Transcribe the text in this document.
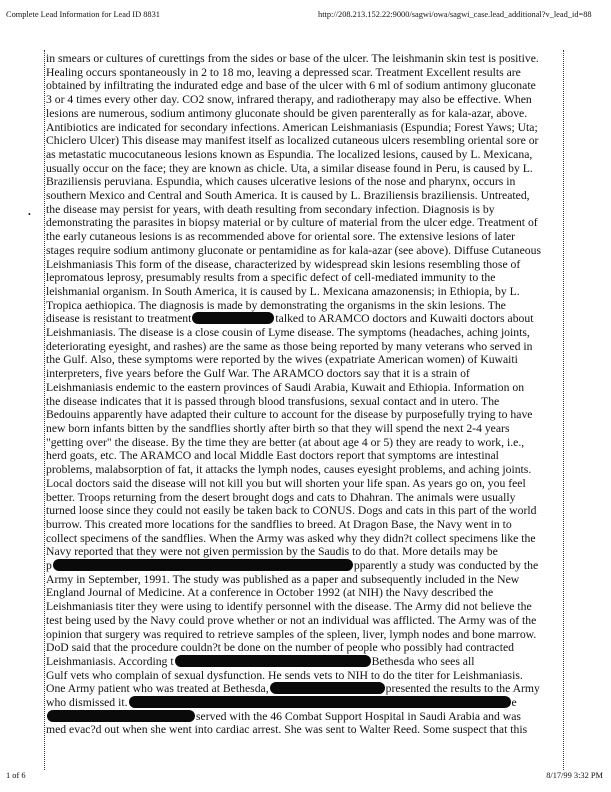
Complete Lead Information for Lead ID 8831	http://208.213.152.22:9000/sagwi/owa/sagwi_case.lead_additional?v_lead_id=88
•
in smears or cultures of curettings from the sides or base of the ulcer. The leishmanin skin test is positive.
Healing occurs spontaneously in 2 to 18 mo, leaving a depressed scar. Treatment Excellent results are
obtained by infiltrating the indurated edge and base of the ulcer with 6 ml of sodium antimony gluconate
3 or 4 times every other day. CO2 snow, infrared therapy, and radiotherapy may also be effective. When
lesions are numerous, sodium antimony gluconate should be given parenterally as for kala-azar, above.
Antibiotics are indicated for secondary infections. American Leishmaniasis (Espundia; Forest Yaws; Uta;
Chiclero Ulcer) This disease may manifest itself as localized cutaneous ulcers resembling oriental sore or
as metastatic mucocutaneous lesions known as Espundia. The localized lesions, caused by L. Mexicana,
usually occur on the face; they are known as chicle. Uta, a similar disease found in Peru, is caused by L.
Braziliensis peruviana. Espundia, which causes ulcerative lesions of the nose and pharynx, occurs in
southern Mexico and Central and South America. It is caused by L. Braziliensis braziliensis. Untreated,
the disease may persist for years, with death resulting from secondary infection. Diagnosis is by
demonstrating the parasites in biopsy material or by culture of material from the ulcer edge. Treatment of
the early cutaneous lesions is as recommended above for oriental sore. The extensive lesions of later
stages require sodium antimony gluconate or pentamidine as for kala-azar (see above). Diffuse Cutaneous
Leishmaniasis This form of the disease, characterized by widespread skin lesions resembling those of
lepromatous leprosy, presumably results from a specific defect of cell-mediated immunity to the
leishmanial organism. In South America, it is caused by L. Mexicana amazonensis; in Ethiopia, by L.
Tropica aethiopica. The diagnosis is made by demonstrating the organisms in the skin lesions. The
disease is resistant to treatment	talked to ARAMCO doctors and Kuwaiti doctors about
Leishmaniasis. The disease is a close cousin of Lyme disease. The symptoms (headaches, aching joints,
deteriorating eyesight, and rashes) are the same as those being reported by many veterans who served in
the Gulf. Also, these symptoms were reported by the wives (expatriate American women) of Kuwaiti
interpreters, five years before the Gulf War. The ARAMCO doctors say that it is a strain of
Leishmaniasis endemic to the eastern provinces of Saudi Arabia, Kuwait and Ethiopia. Information on
the disease indicates that it is passed through blood transfusions, sexual contact and in utero. The
Bedouins apparently have adapted their culture to account for the disease by purposefully trying to have
new born infants bitten by the sandflies shortly after birth so that they will spend the next 2-4 years
"getting over" the disease. By the time they are better (at about age 4 or 5) they are ready to work, i.e.,
herd goats, etc. The ARAMCO and local Middle East doctors report that symptoms are intestinal
problems, malabsorption of fat, it attacks the lymph nodes, causes eyesight problems, and aching joints.
Local doctors said the disease will not kill you but will shorten your life span. As years go on, you feel
better. Troops returning from the desert brought dogs and cats to Dhahran. The animals were usually
turned loose since they could not easily be taken back to CONUS. Dogs and cats in this part of the world
burrow. This created more locations for the sandflies to breed. At Dragon Base, the Navy went in to
collect specimens of the sandflies. When the Army was asked why they didn?t collect specimens like the
Navy reported that they were not given permission by the Saudis to do that. More details may be
p	pparently a study was conducted by the
Army in September, 1991. The study was published as a paper and subsequently included in the New
England Journal of Medicine. At a conference in October 1992 (at NIH) the Navy described the
Leishmaniasis titer they were using to identify personnel with the disease. The Army did not believe the
test being used by the Navy could prove whether or not an individual was afflicted. The Army was of the
opinion that surgery was required to retrieve samples of the spleen, liver, lymph nodes and bone marrow.
DoD said that the procedure couldn?t be done on the number of people who possibly had contracted
Leishmaniasis. According t	Bethesda who sees all
Gulf vets who complain of sexual dysfunction. He sends vets to NIH to do the titer for Leishmaniasis.
One Army patient who was treated at Bethesda,	presented the results to the Army
who dismissed it.	e
served with the 46 Combat Support Hospital in Saudi Arabia and was
med evac?d out when she went into cardiac arrest. She was sent to Walter Reed. Some suspect that this
1 of 6	8/17/99 3:32 PM
